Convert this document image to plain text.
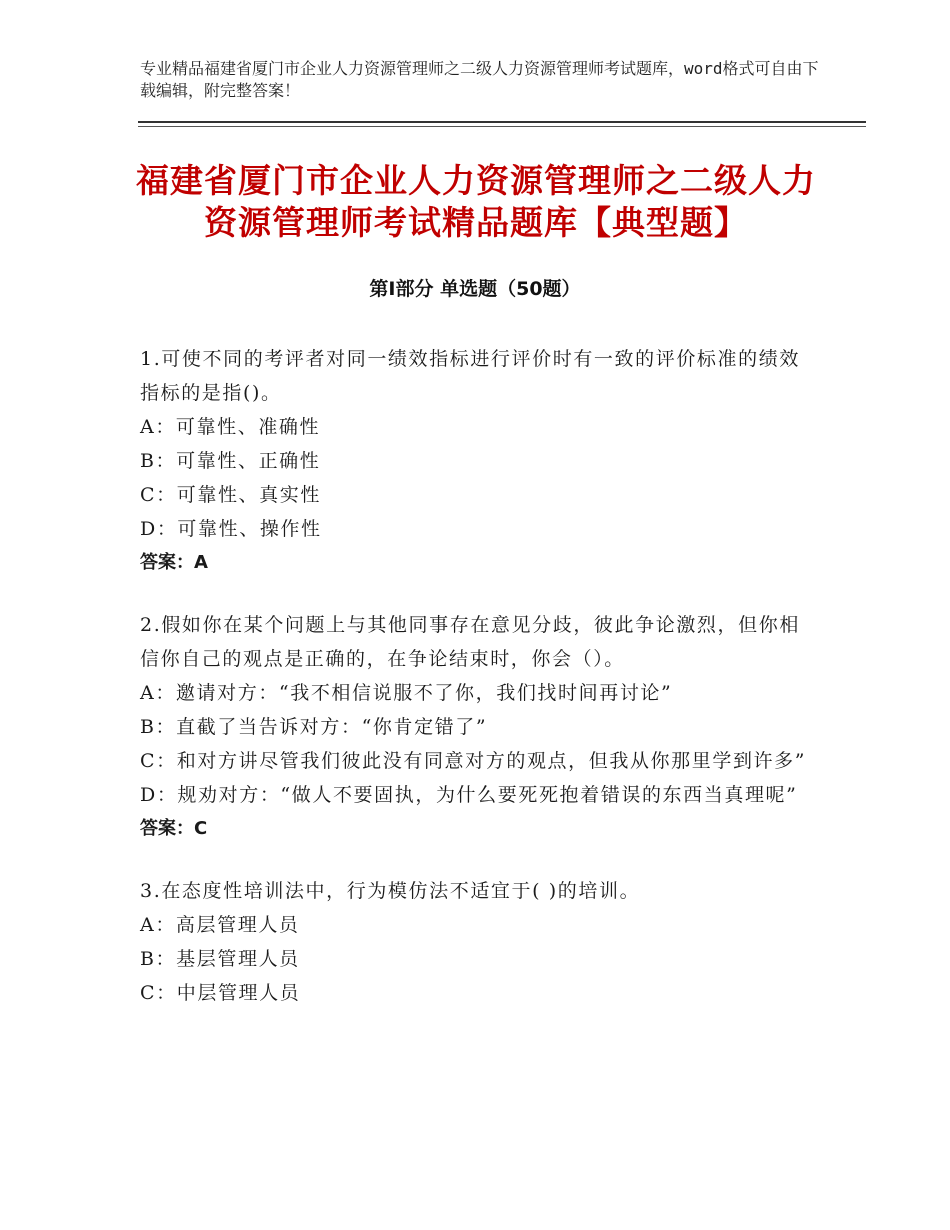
专业精品福建省厦门市企业人力资源管理师之二级人力资源管理师考试题库，word格式可自由下载编辑，附完整答案！
福建省厦门市企业人力资源管理师之二级人力资源管理师考试精品题库【典型题】
第Ⅰ部分 单选题（50题）
1.可使不同的考评者对同一绩效指标进行评价时有一致的评价标准的绩效指标的是指()。
A：可靠性、准确性
B：可靠性、正确性
C：可靠性、真实性
D：可靠性、操作性
答案：A
2.假如你在某个问题上与其他同事存在意见分歧，彼此争论激烈，但你相信你自己的观点是正确的，在争论结束时，你会（）。
A：邀请对方：“我不相信说服不了你，我们找时间再讨论”
B：直截了当告诉对方：“你肯定错了”
C：和对方讲尽管我们彼此没有同意对方的观点，但我从你那里学到许多”
D：规劝对方：“做人不要固执，为什么要死死抱着错误的东西当真理呢”
答案：C
3.在态度性培训法中，行为模仿法不适宜于( )的培训。
A：高层管理人员
B：基层管理人员
C：中层管理人员
